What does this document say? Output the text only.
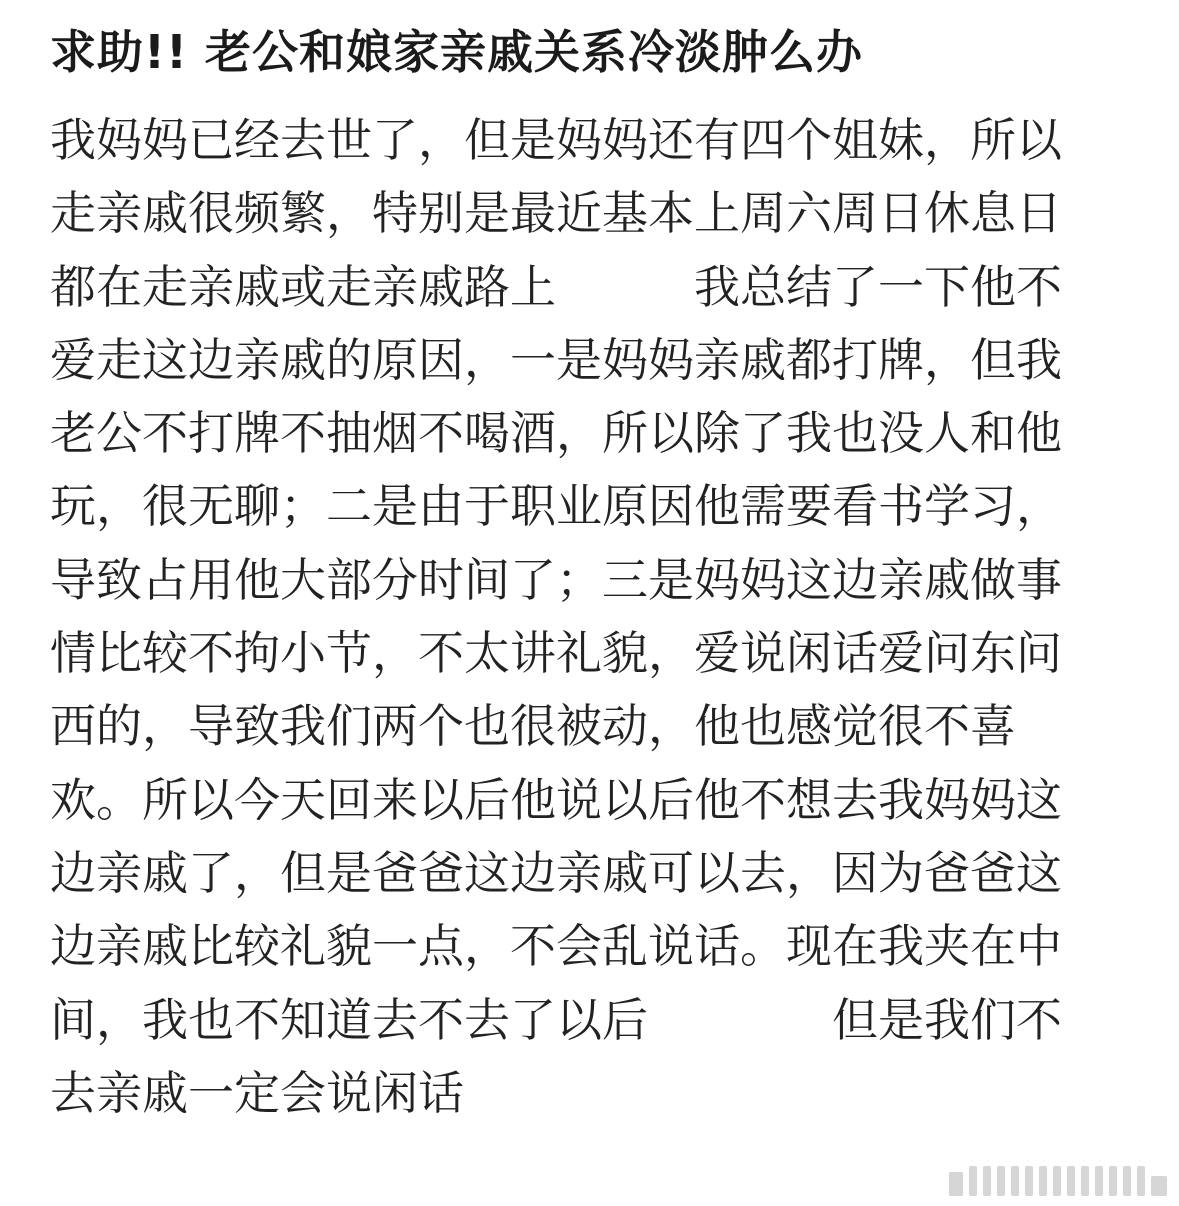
求助!! 老公和娘家亲戚关系冷淡肿么办
我妈妈已经去世了，但是妈妈还有四个姐妹，所以
走亲戚很频繁，特别是最近基本上周六周日休息日
都在走亲戚或走亲戚路上　　　我总结了一下他不
爱走这边亲戚的原因，一是妈妈亲戚都打牌，但我
老公不打牌不抽烟不喝酒，所以除了我也没人和他
玩，很无聊；二是由于职业原因他需要看书学习，
导致占用他大部分时间了；三是妈妈这边亲戚做事
情比较不拘小节，不太讲礼貌，爱说闲话爱问东问
西的，导致我们两个也很被动，他也感觉很不喜
欢。所以今天回来以后他说以后他不想去我妈妈这
边亲戚了，但是爸爸这边亲戚可以去，因为爸爸这
边亲戚比较礼貌一点，不会乱说话。现在我夹在中
间，我也不知道去不去了以后　　　　但是我们不
去亲戚一定会说闲话
